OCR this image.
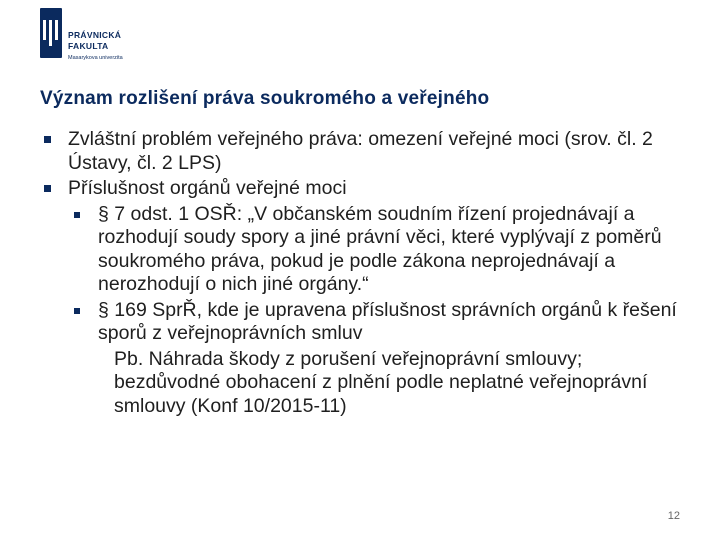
PRÁVNICKÁ
FAKULTA
Masarykova univerzita
Význam rozlišení práva soukromého a veřejného
Zvláštní problém veřejného práva: omezení veřejné moci (srov. čl. 2 Ústavy, čl. 2 LPS)
Příslušnost orgánů veřejné moci
§ 7 odst. 1 OSŘ: „V občanském soudním řízení projednávají a rozhodují soudy spory a jiné právní věci, které vyplývají z poměrů soukromého práva, pokud je podle zákona neprojednávají a nerozhodují o nich jiné orgány.“
§ 169 SprŘ, kde je upravena příslušnost správních orgánů k řešení sporů z veřejnoprávních smluv
Pb. Náhrada škody z porušení veřejnoprávní smlouvy; bezdůvodné obohacení z plnění podle neplatné veřejnoprávní smlouvy (Konf 10/2015-11)
12
